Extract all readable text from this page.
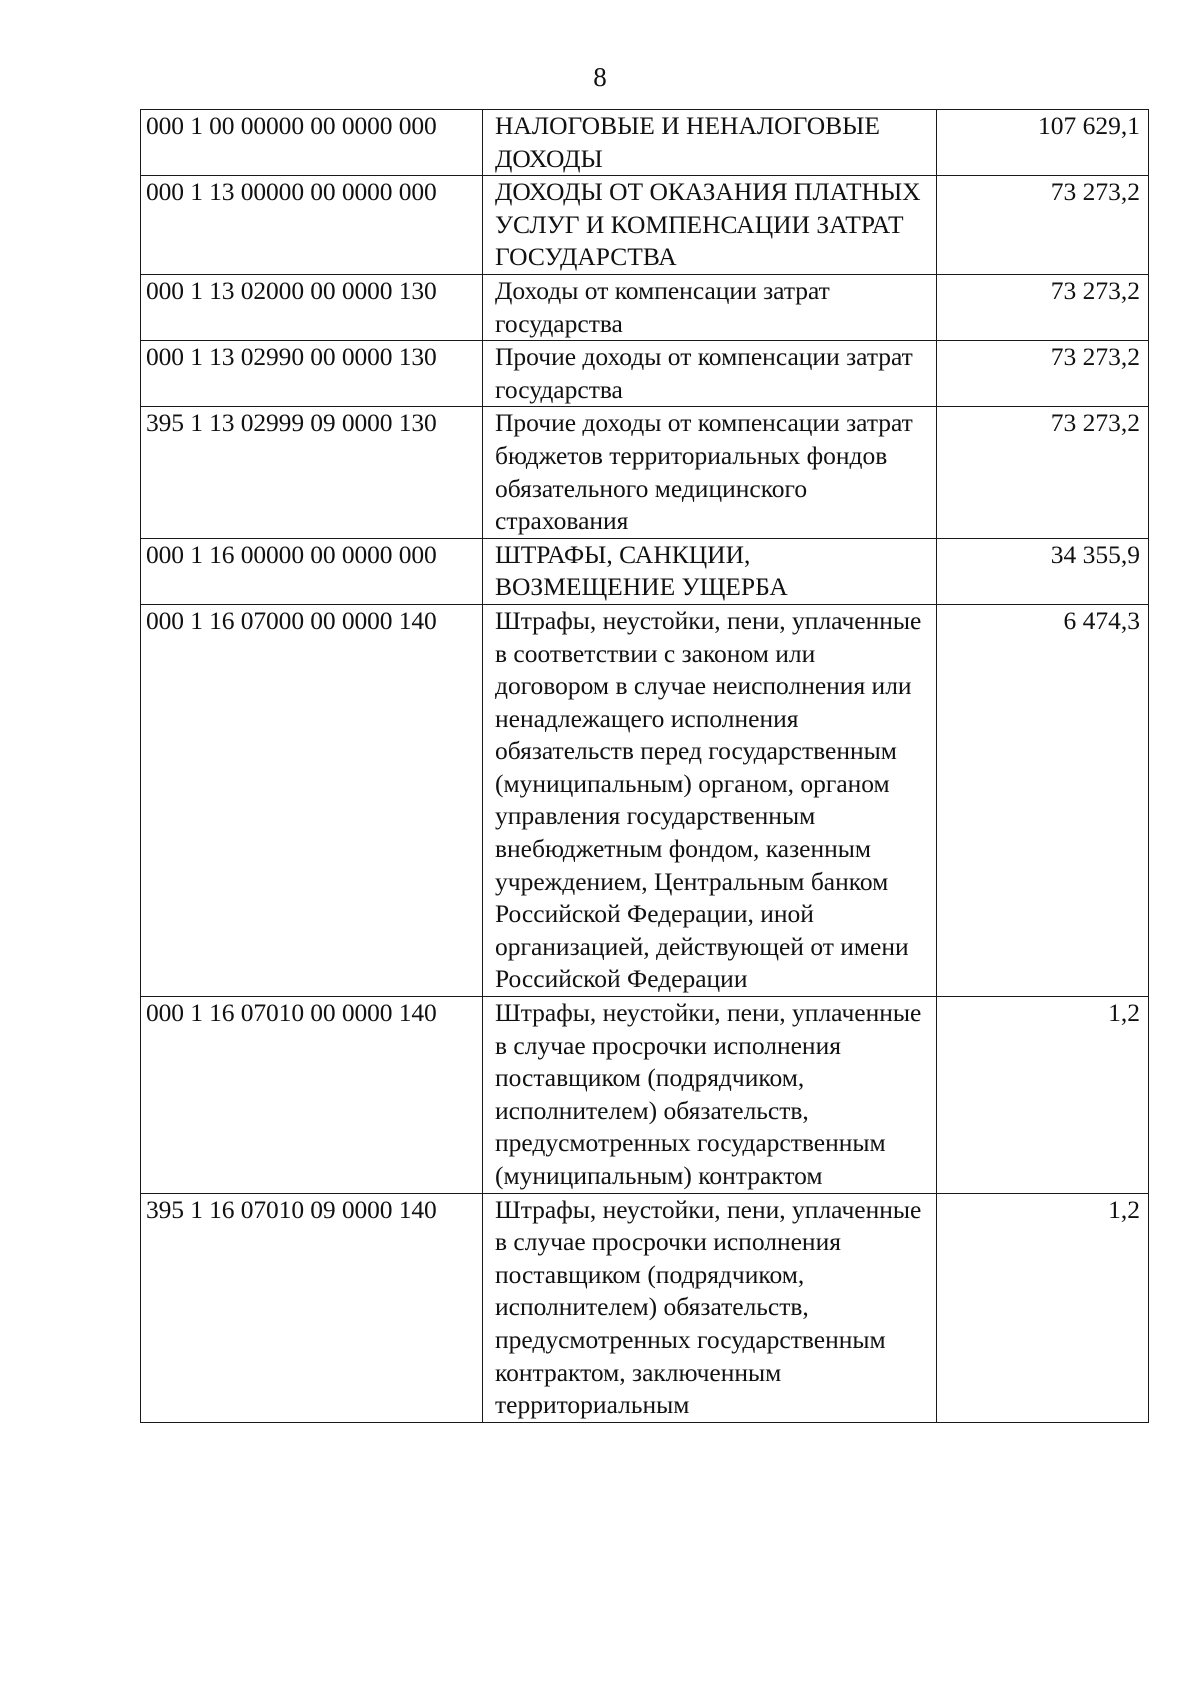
8
000 1 00 00000 00 0000 000	НАЛОГОВЫЕ И НЕНАЛОГОВЫЕ ДОХОДЫ	107 629,1
000 1 13 00000 00 0000 000	ДОХОДЫ ОТ ОКАЗАНИЯ ПЛАТНЫХ УСЛУГ И КОМПЕНСАЦИИ ЗАТРАТ ГОСУДАРСТВА	73 273,2
000 1 13 02000 00 0000 130	Доходы от компенсации затрат государства	73 273,2
000 1 13 02990 00 0000 130	Прочие доходы от компенсации затрат государства	73 273,2
395 1 13 02999 09 0000 130	Прочие доходы от компенсации затрат бюджетов территориальных фондов обязательного медицинского страхования	73 273,2
000 1 16 00000 00 0000 000	ШТРАФЫ, САНКЦИИ, ВОЗМЕЩЕНИЕ УЩЕРБА	34 355,9
000 1 16 07000 00 0000 140	Штрафы, неустойки, пени, уплаченные в соответствии с законом или договором в случае неисполнения или ненадлежащего исполнения обязательств перед государственным (муниципальным) органом, органом управления государственным внебюджетным фондом, казенным учреждением, Центральным банком Российской Федерации, иной организацией, действующей от имени Российской Федерации	6 474,3
000 1 16 07010 00 0000 140	Штрафы, неустойки, пени, уплаченные в случае просрочки исполнения поставщиком (подрядчиком, исполнителем) обязательств, предусмотренных государственным (муниципальным) контрактом	1,2
395 1 16 07010 09 0000 140	Штрафы, неустойки, пени, уплаченные в случае просрочки исполнения поставщиком (подрядчиком, исполнителем) обязательств, предусмотренных государственным контрактом, заключенным территориальным	1,2
